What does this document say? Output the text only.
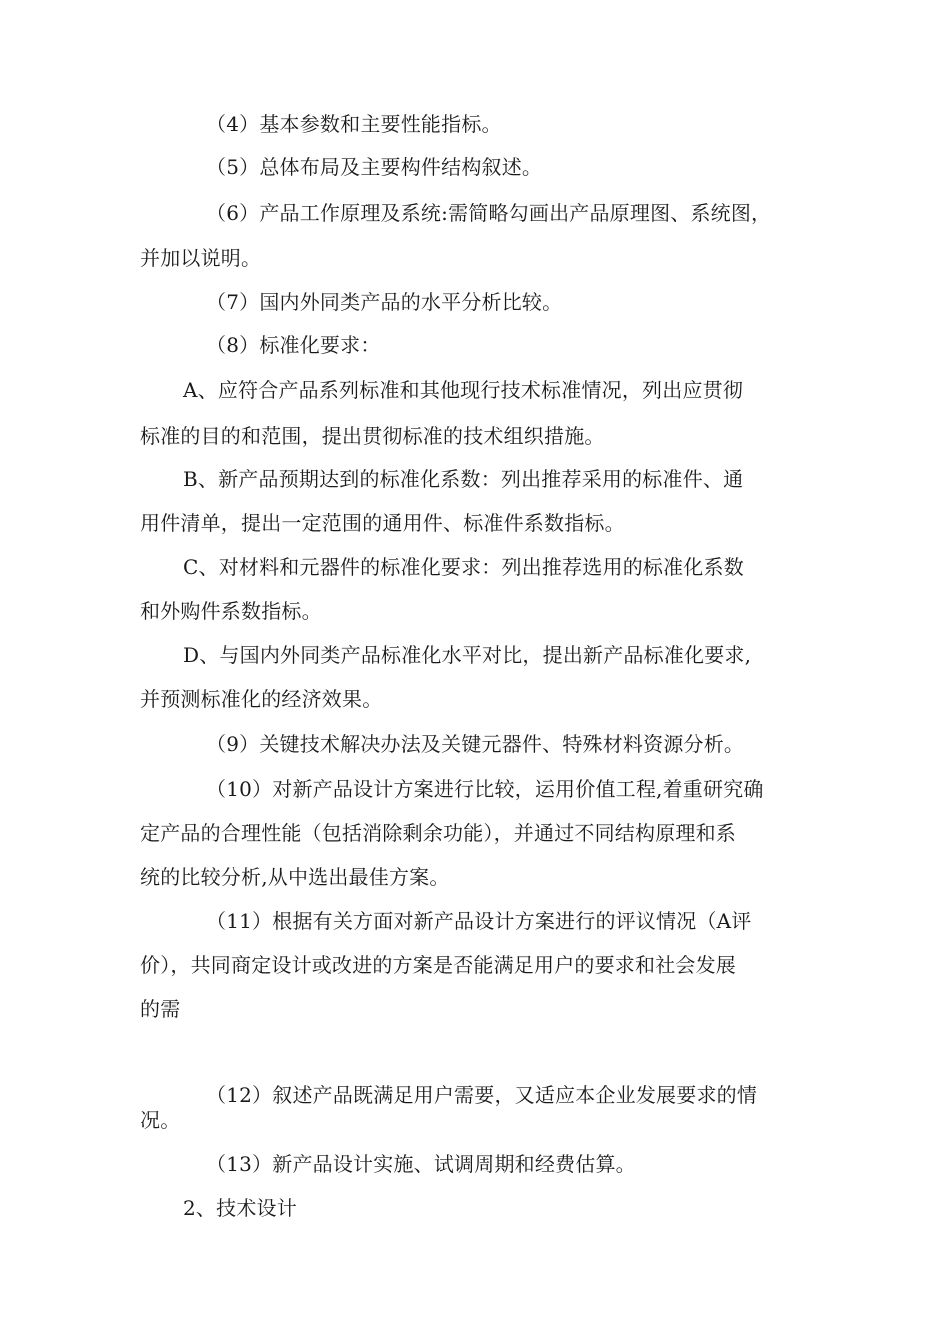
（4）基本参数和主要性能指标。
（5）总体布局及主要构件结构叙述。
（6）产品工作原理及系统:需简略勾画出产品原理图、系统图，
并加以说明。
（7）国内外同类产品的水平分析比较。
（8）标准化要求：
A、应符合产品系列标准和其他现行技术标准情况，列出应贯彻
标准的目的和范围，提出贯彻标准的技术组织措施。
B、新产品预期达到的标准化系数：列出推荐采用的标准件、通
用件清单，提出一定范围的通用件、标准件系数指标。
C、对材料和元器件的标准化要求：列出推荐选用的标准化系数
和外购件系数指标。
D、与国内外同类产品标准化水平对比，提出新产品标准化要求,
并预测标准化的经济效果。
（9）关键技术解决办法及关键元器件、特殊材料资源分析。
（10）对新产品设计方案进行比较，运用价值工程,着重研究确
定产品的合理性能（包括消除剩余功能），并通过不同结构原理和系
统的比较分析,从中选出最佳方案。
（11）根据有关方面对新产品设计方案进行的评议情况（A评
价），共同商定设计或改进的方案是否能满足用户的要求和社会发展
的需
（12）叙述产品既满足用户需要，又适应本企业发展要求的情
况。
（13）新产品设计实施、试调周期和经费估算。
2、技术设计
